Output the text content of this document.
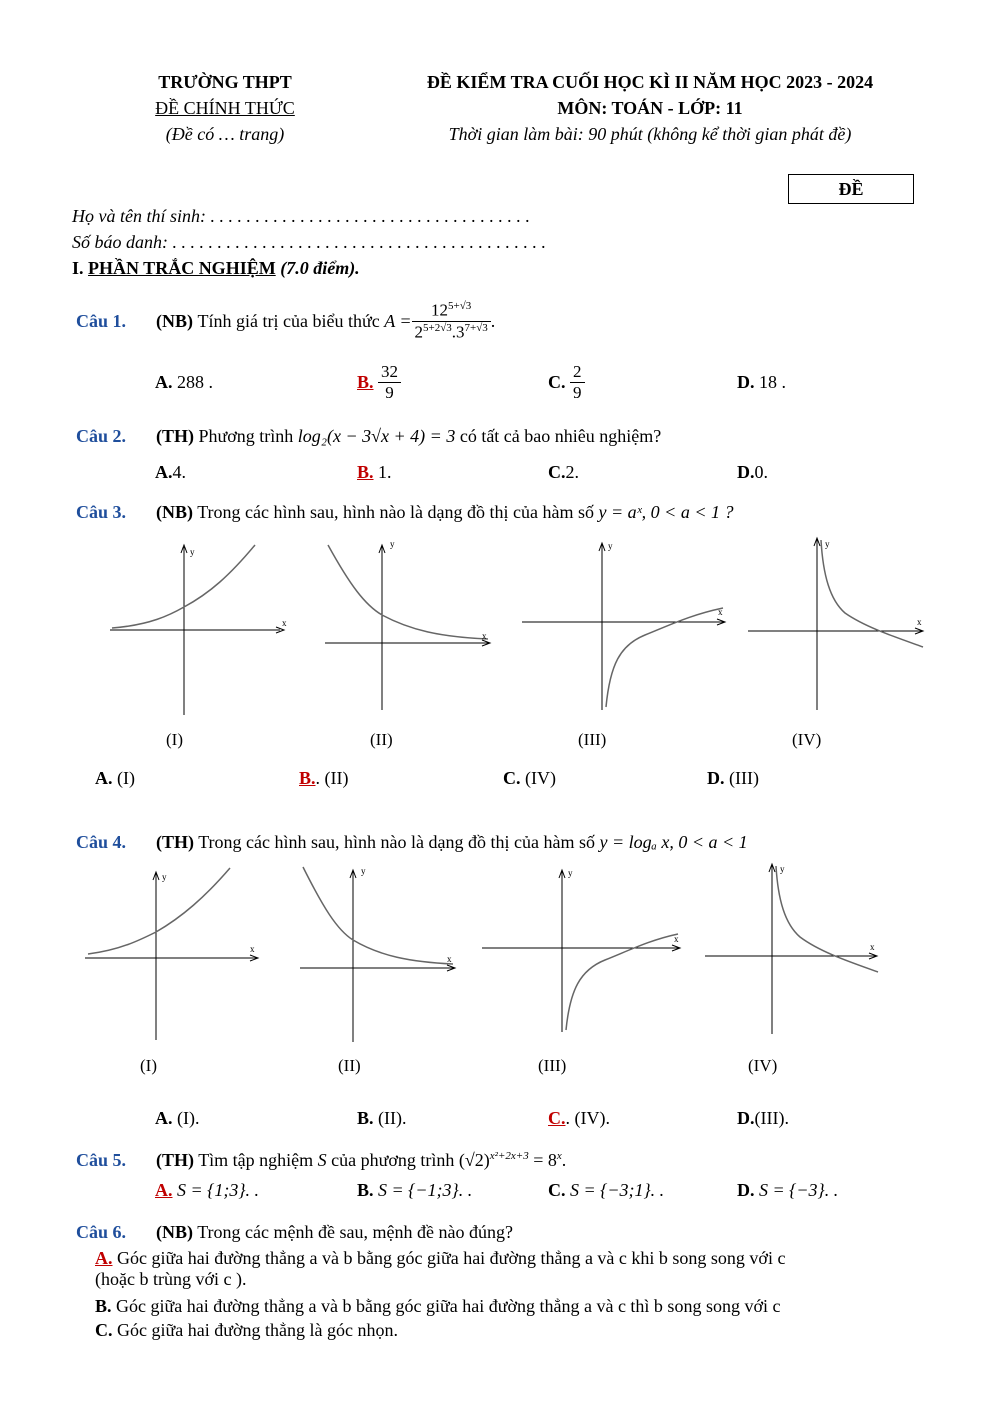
TRƯỜNG THPT
ĐỀ CHÍNH THỨC
(Đề có … trang)
ĐỀ KIỂM TRA CUỐI HỌC KÌ II NĂM HỌC 2023 - 2024
MÔN: TOÁN - LỚP: 11
Thời gian làm bài: 90 phút (không kể thời gian phát đề)
ĐỀ
Họ và tên thí sinh: . . . . . . . . . . . . . . . . . . . . . . . . . . . . . . . . . . . .
Số báo danh: . . . . . . . . . . . . . . . . . . . . . . . . . . . . . . . . . . . . . . . . . .
I. PHẦN TRẮC NGHIỆM (7.0 điểm).
Câu 1.	(NB)
Tính giá trị của biểu thức
$A = \frac{12^{5+√3}}{2^{5+2√3}.3^{7+√3}}$ .
A. 288 .	B.
$\frac{32}{9}$	C.
$\frac{2}{9}$	D. 18 .
Câu 2. (TH) Phương trình log₂(x − 3√x + 4) = 3 có tất cả bao nhiêu nghiệm?
A.4.	B. 1.	C.2.	D.0.
Câu 3. (NB) Trong các hình sau, hình nào là dạng đồ thị của hàm số y = aˣ, 0 < a < 1 ?
x
y
x
y
x
y
x
y
(I)	(II)	(III)	(IV)
A. (I)	B.. (II)	C. (IV)	D. (III)
Câu 4. (TH) Trong các hình sau, hình nào là dạng đồ thị của hàm số y = logₐ x, 0 < a < 1
x
y
x
y
x
y
x
y
(I)	(II)	(III)	(IV)
A. (I).	B. (II).	C.. (IV).	D.(III).
Câu 5. (TH) Tìm tập nghiệm S của phương trình $(√2)^{x^2+2x+3} = 8^x$.
A. S = {1;3}. .	B. S = {−1;3}. .	C. S = {−3;1}. .	D. S = {−3}. .
Câu 6. (NB) Trong các mệnh đề sau, mệnh đề nào đúng?
A. Góc giữa hai đường thẳng a và b bằng góc giữa hai đường thẳng a và c khi b song song với c
(hoặc b trùng với c ).
B. Góc giữa hai đường thẳng a và b bằng góc giữa hai đường thẳng a và c thì b song song với c
C. Góc giữa hai đường thẳng là góc nhọn.
